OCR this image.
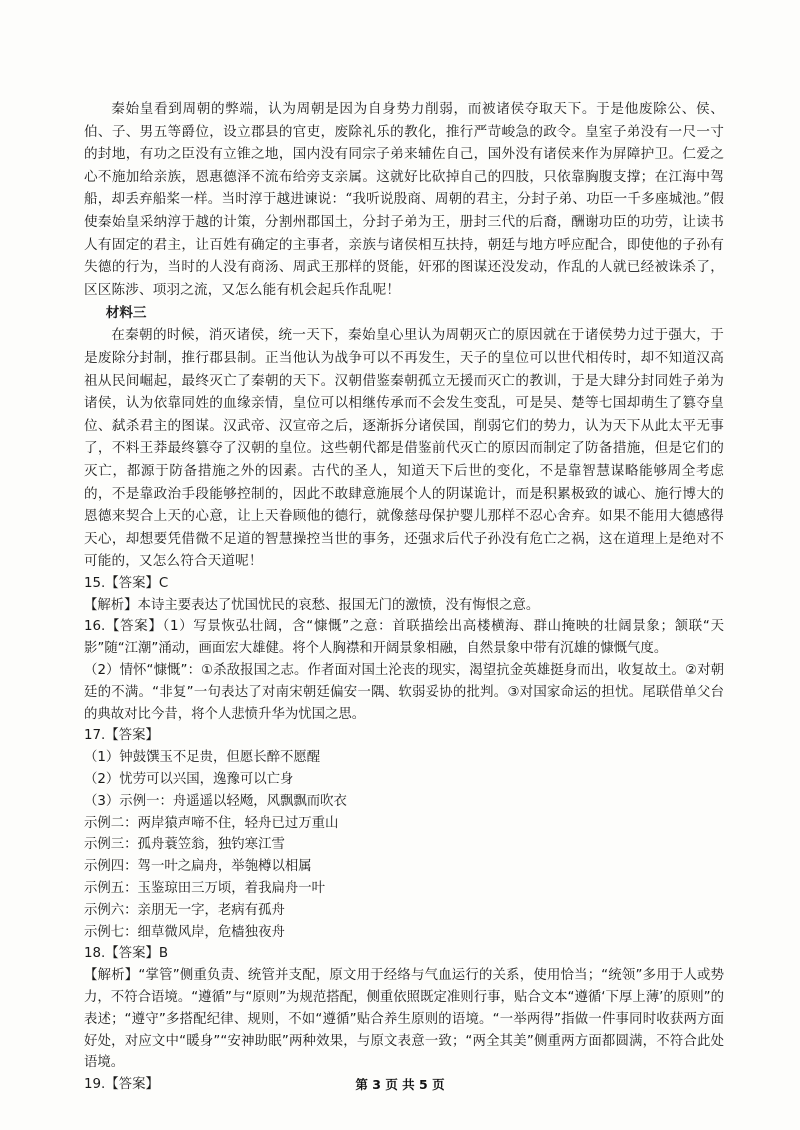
秦始皇看到周朝的弊端，认为周朝是因为自身势力削弱，而被诸侯夺取天下。于是他废除公、侯、伯、子、男五等爵位，设立郡县的官吏，废除礼乐的教化，推行严苛峻急的政令。皇室子弟没有一尺一寸的封地，有功之臣没有立锥之地，国内没有同宗子弟来辅佐自己，国外没有诸侯来作为屏障护卫。仁爱之心不施加给亲族，恩惠德泽不流布给旁支亲属。这就好比砍掉自己的四肢，只依靠胸腹支撑；在江海中驾船，却丢弃船桨一样。当时淳于越进谏说：“我听说殷商、周朝的君主，分封子弟、功臣一千多座城池。”假使秦始皇采纳淳于越的计策，分割州郡国土，分封子弟为王，册封三代的后裔，酬谢功臣的功劳，让读书人有固定的君主，让百姓有确定的主事者，亲族与诸侯相互扶持，朝廷与地方呼应配合，即使他的子孙有失德的行为，当时的人没有商汤、周武王那样的贤能，奸邪的图谋还没发动，作乱的人就已经被诛杀了，区区陈涉、项羽之流，又怎么能有机会起兵作乱呢！

材料三

在秦朝的时候，消灭诸侯，统一天下，秦始皇心里认为周朝灭亡的原因就在于诸侯势力过于强大，于是废除分封制，推行郡县制。正当他认为战争可以不再发生，天子的皇位可以世代相传时，却不知道汉高祖从民间崛起，最终灭亡了秦朝的天下。汉朝借鉴秦朝孤立无援而灭亡的教训，于是大肆分封同姓子弟为诸侯，认为依靠同姓的血缘亲情，皇位可以相继传承而不会发生变乱，可是吴、楚等七国却萌生了篡夺皇位、弑杀君主的图谋。汉武帝、汉宣帝之后，逐渐拆分诸侯国，削弱它们的势力，认为天下从此太平无事了，不料王莽最终篡夺了汉朝的皇位。这些朝代都是借鉴前代灭亡的原因而制定了防备措施，但是它们的灭亡，都源于防备措施之外的因素。古代的圣人，知道天下后世的变化，不是靠智慧谋略能够周全考虑的，不是靠政治手段能够控制的，因此不敢肆意施展个人的阴谋诡计，而是积累极致的诚心、施行博大的恩德来契合上天的心意，让上天眷顾他的德行，就像慈母保护婴儿那样不忍心舍弃。如果不能用大德感得天心，却想要凭借微不足道的智慧操控当世的事务，还强求后代子孙没有危亡之祸，这在道理上是绝对不可能的，又怎么符合天道呢！

15.【答案】C

【解析】本诗主要表达了忧国忧民的哀愁、报国无门的激愤，没有悔恨之意。

16.【答案】（1）写景恢弘壮阔，含“慷慨”之意：首联描绘出高楼横海、群山掩映的壮阔景象；颔联“天影”随“江潮”涌动，画面宏大雄健。将个人胸襟和开阔景象相融，自然景象中带有沉雄的慷慨气度。

（2）情怀“慷慨”：①杀敌报国之志。作者面对国土沦丧的现实，渴望抗金英雄挺身而出，收复故土。②对朝廷的不满。“非复”一句表达了对南宋朝廷偏安一隅、软弱妥协的批判。③对国家命运的担忧。尾联借单父台的典故对比今昔，将个人悲愤升华为忧国之思。

17.【答案】

（1）钟鼓馔玉不足贵，但愿长醉不愿醒

（2）忧劳可以兴国，逸豫可以亡身

（3）示例一：舟遥遥以轻飏，风飘飘而吹衣

示例二：两岸猿声啼不住，轻舟已过万重山

示例三：孤舟蓑笠翁，独钓寒江雪

示例四：驾一叶之扁舟，举匏樽以相属

示例五：玉鉴琼田三万顷，着我扁舟一叶

示例六：亲朋无一字，老病有孤舟

示例七：细草微风岸，危樯独夜舟

18.【答案】B

【解析】“掌管”侧重负责、统管并支配，原文用于经络与气血运行的关系，使用恰当；“统领”多用于人或势力，不符合语境。“遵循”与“原则”为规范搭配，侧重依照既定准则行事，贴合文本“遵循‘下厚上薄’的原则”的表述；“遵守”多搭配纪律、规则，不如“遵循”贴合养生原则的语境。“一举两得”指做一件事同时收获两方面好处，对应文中“暖身”“安神助眠”两种效果，与原文表意一致；“两全其美”侧重两方面都圆满，不符合此处语境。

19.【答案】	第 3 页 共 5 页
